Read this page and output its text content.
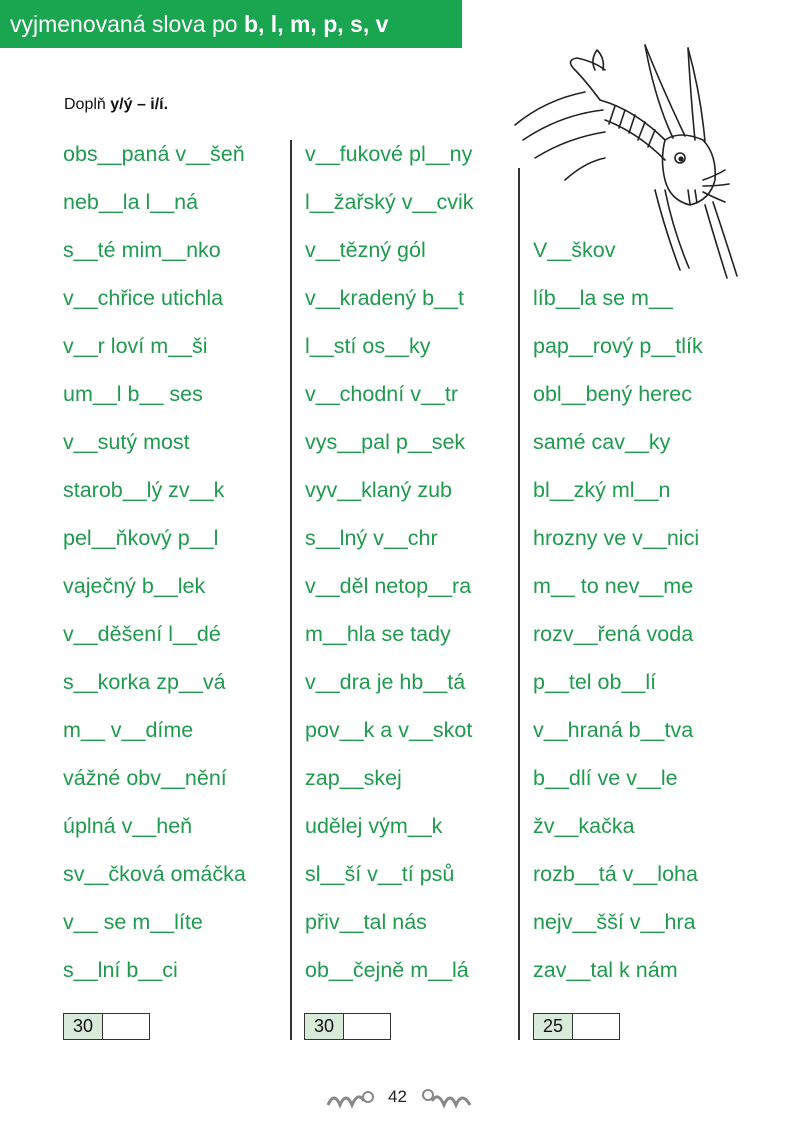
vyjmenovaná slova po b, l, m, p, s, v
Doplň y/ý – i/í.
obs__paná v__šeň
neb__la l__ná
s__té mim__nko
v__chřice utichla
v__r loví m__ši
um__l b__ ses
v__sutý most
starob__lý zv__k
pel__ňkový p__l
vaječný b__lek
v__děšení l__dé
s__korka zp__vá
m__ v__díme
vážné obv__nění
úplná v__heň
sv__čková omáčka
v__ se m__líte
s__lní b__ci
v__fukové pl__ny
l__žařský v__cvik
v__tězný gól
v__kradený b__t
l__stí os__ky
v__chodní v__tr
vys__pal p__sek
vyv__klaný zub
s__lný v__chr
v__děl netop__ra
m__hla se tady
v__dra je hb__tá
pov__k a v__skot
zap__skej
udělej vým__k
sl__ší v__tí psů
přiv__tal nás
ob__čejně m__lá
V__škov
líb__la se m__
pap__rový p__tlík
obl__bený herec
samé cav__ky
bl__zký ml__n
hrozny ve v__nici
m__ to nev__me
rozv__řená voda
p__tel ob__lí
v__hraná b__tva
b__dlí ve v__le
žv__kačka
rozb__tá v__loha
nejv__šší v__hra
zav__tal k nám
30	30	25
42
